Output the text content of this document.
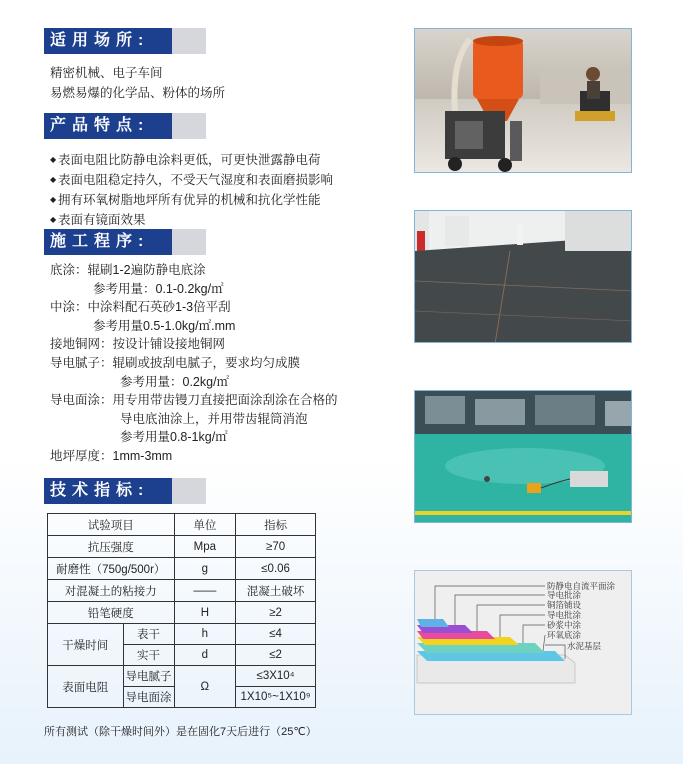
适用场所:
精密机械、电子车间
易燃易爆的化学品、粉体的场所
产品特点:
◆ 表面电阻比防静电涂料更低，可更快泄露静电荷
◆ 表面电阻稳定持久，不受天气湿度和表面磨损影响
◆ 拥有环氧树脂地坪所有优异的机械和抗化学性能
◆ 表面有镜面效果
施工程序:
底涂：辊刷1-2遍防静电底涂
参考用量：0.1-0.2kg/㎡
中涂：中涂料配石英砂1-3倍平刮
参考用量0.5-1.0kg/㎡.mm
接地铜网：按设计铺设接地铜网
导电腻子：辊刷或披刮电腻子，要求均匀成膜
参考用量：0.2kg/㎡
导电面涂：用专用带齿镘刀直接把面涂刮涂在合格的
导电底油涂上，并用带齿辊筒消泡
参考用量0.8-1kg/㎡
地坪厚度：1mm-3mm
技术指标:
试验项目		单位	指标
抗压强度		Mpa	≥70
耐磨性（750g/500r）		g	≤0.06
对混凝土的粘接力		——	混凝土破坏
铅笔硬度		H	≥2
干燥时间	表干	h	≤4
	实干	d	≤2
表面电阻	导电腻子	Ω	≤3X10⁴
	导电面涂		1X10⁵~1X10⁹
所有测试（除干燥时间外）是在固化7天后进行（25℃）
防静电自流平面涂
导电批涂
铜箔铺设
导电批涂
砂浆中涂
环氧底涂
水泥基层
